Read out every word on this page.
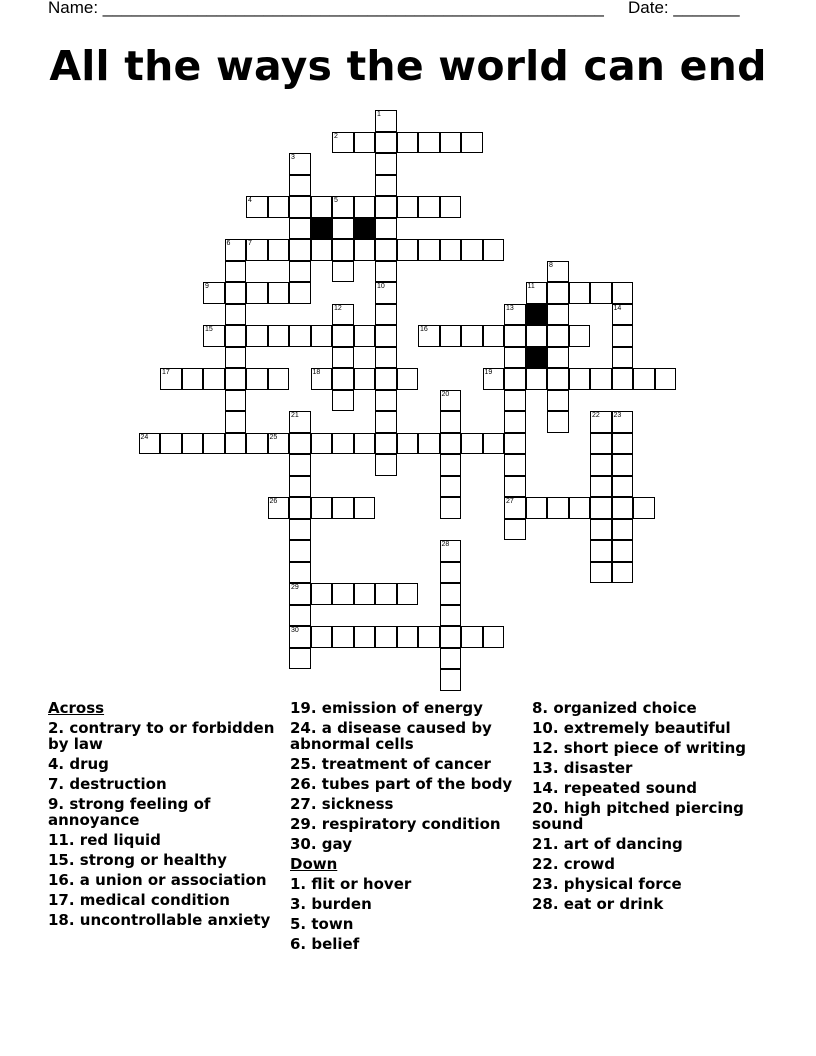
Name: _____________________________________________________ Date: _______
All the ways the world can end
1
2
3
4	5
6	7
8
9	10	11
12	13
27
14
15	16
17	18	19
20
21
29
30
22 23
24	25
26
28
Across
2. contrary to or forbidden by law
4. drug
7. destruction
9. strong feeling of annoyance
11. red liquid
15. strong or healthy
16. a union or association
17. medical condition
18. uncontrollable anxiety
19. emission of energy
24. a disease caused by abnormal cells
25. treatment of cancer
26. tubes part of the body
27. sickness
29. respiratory condition
30. gay
Down
1. flit or hover
3. burden
5. town
6. belief
8. organized choice
10. extremely beautiful
12. short piece of writing
13. disaster
14. repeated sound
20. high pitched piercing sound
21. art of dancing
22. crowd
23. physical force
28. eat or drink
